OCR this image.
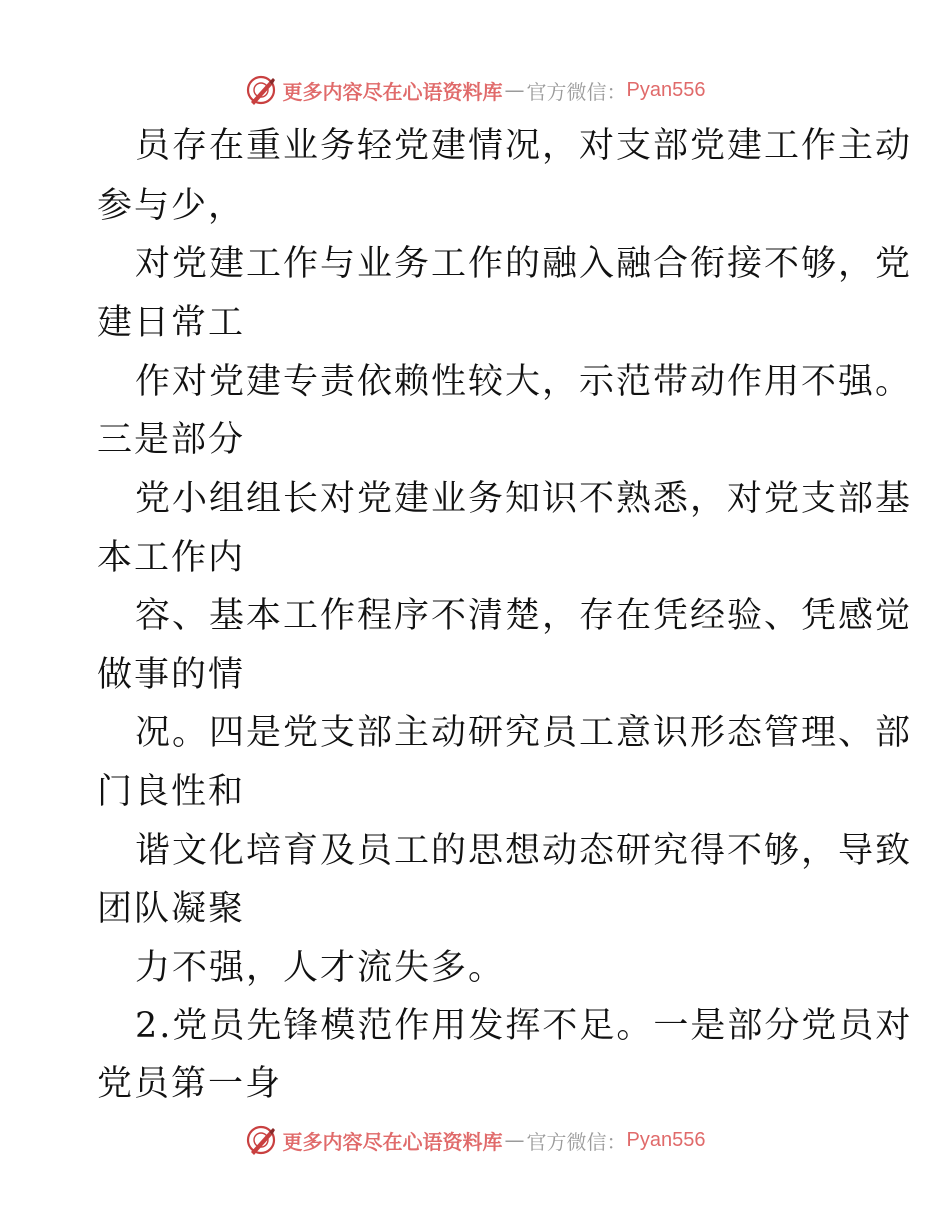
更多内容尽在心语资料库 — 官方微信： Pyan556
员存在重业务轻党建情况，对支部党建工作主动
参与少，
对党建工作与业务工作的融入融合衔接不够，党
建日常工
作对党建专责依赖性较大，示范带动作用不强。
三是部分
党小组组长对党建业务知识不熟悉，对党支部基
本工作内
容、基本工作程序不清楚，存在凭经验、凭感觉
做事的情
况。四是党支部主动研究员工意识形态管理、部
门良性和
谐文化培育及员工的思想动态研究得不够，导致
团队凝聚
力不强，人才流失多。
2.党员先锋模范作用发挥不足。一是部分党员对
党员第一身
更多内容尽在心语资料库 — 官方微信： Pyan556
